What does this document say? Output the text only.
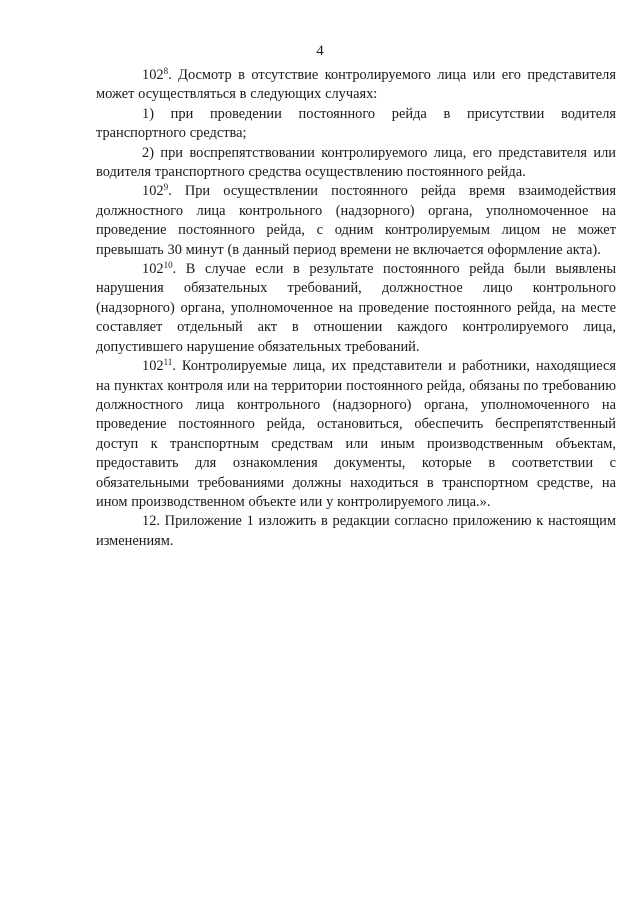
4

$102^8$. Досмотр в отсутствие контролируемого лица или его представителя может осуществляться в следующих случаях:

1) при проведении постоянного рейда в присутствии водителя транспортного средства;

2) при воспрепятствовании контролируемого лица, его представителя или водителя транспортного средства осуществлению постоянного рейда.

$102^9$. При осуществлении постоянного рейда время взаимодействия должностного лица контрольного (надзорного) органа, уполномоченное на проведение постоянного рейда, с одним контролируемым лицом не может превышать 30 минут (в данный период времени не включается оформление акта).

$102^{10}$. В случае если в результате постоянного рейда были выявлены нарушения обязательных требований, должностное лицо контрольного (надзорного) органа, уполномоченное на проведение постоянного рейда, на месте составляет отдельный акт в отношении каждого контролируемого лица, допустившего нарушение обязательных требований.

$102^{11}$. Контролируемые лица, их представители и работники, находящиеся на пунктах контроля или на территории постоянного рейда, обязаны по требованию должностного лица контрольного (надзорного) органа, уполномоченного на проведение постоянного рейда, остановиться, обеспечить беспрепятственный доступ к транспортным средствам или иным производственным объектам, предоставить для ознакомления документы, которые в соответствии с обязательными требованиями должны находиться в транспортном средстве, на ином производственном объекте или у контролируемого лица.».

12. Приложение 1 изложить в редакции согласно приложению к настоящим изменениям.
